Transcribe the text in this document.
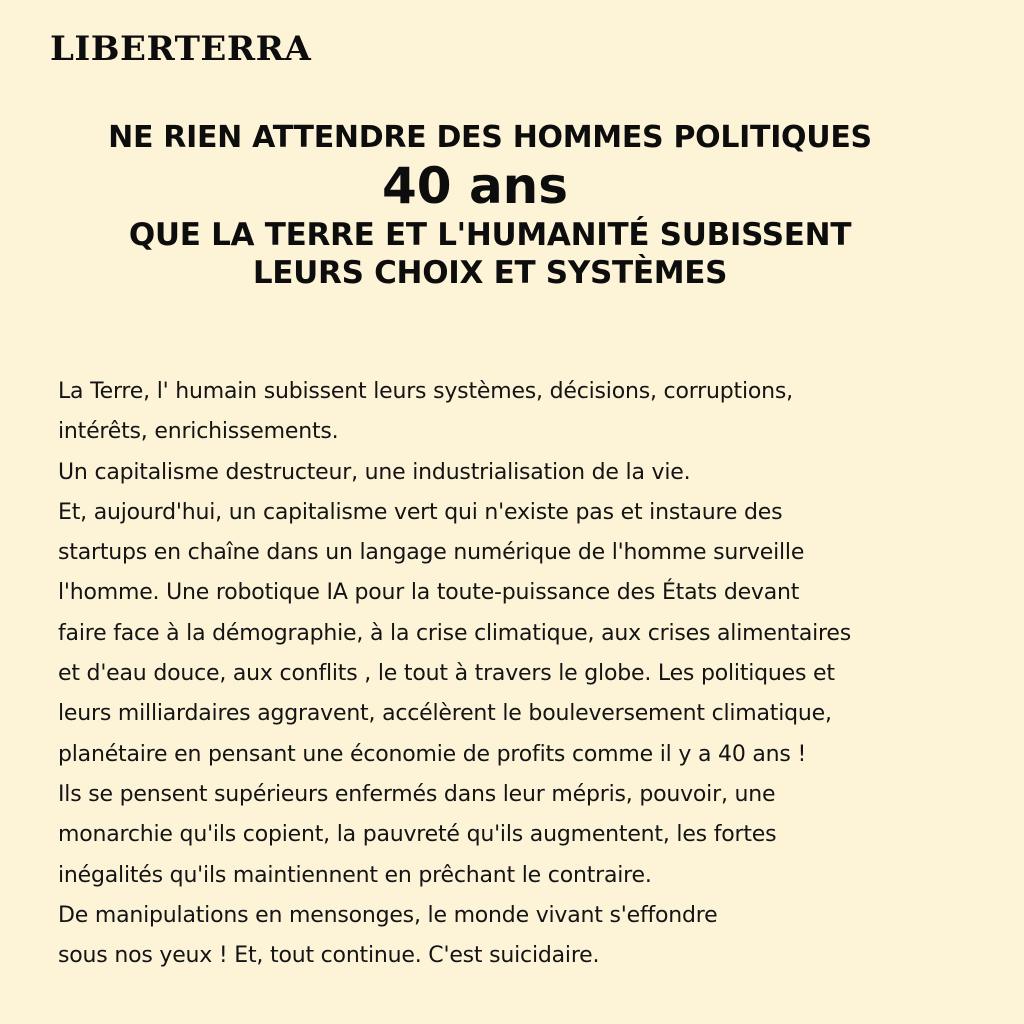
LIBERTERRA
NE RIEN ATTENDRE DES HOMMES POLITIQUES
40 ans
QUE LA TERRE ET L'HUMANITÉ SUBISSENT
LEURS CHOIX ET SYSTÈMES
La Terre, l' humain subissent leurs systèmes, décisions, corruptions,
intérêts, enrichissements.
Un capitalisme destructeur, une industrialisation de la vie.
Et, aujourd'hui, un capitalisme vert qui n'existe pas et instaure des
startups en chaîne dans un langage numérique de l'homme surveille
l'homme. Une robotique IA pour la toute-puissance des États devant
faire face à la démographie, à la crise climatique, aux crises alimentaires
et d'eau douce, aux conflits , le tout à travers le globe. Les politiques et
leurs milliardaires aggravent, accélèrent le bouleversement climatique,
planétaire en pensant une économie de profits comme il y a 40 ans !
Ils se pensent supérieurs enfermés dans leur mépris, pouvoir, une
monarchie qu'ils copient, la pauvreté qu'ils augmentent, les fortes
inégalités qu'ils maintiennent en prêchant le contraire.
De manipulations en mensonges, le monde vivant s'effondre
sous nos yeux ! Et, tout continue. C'est suicidaire.
